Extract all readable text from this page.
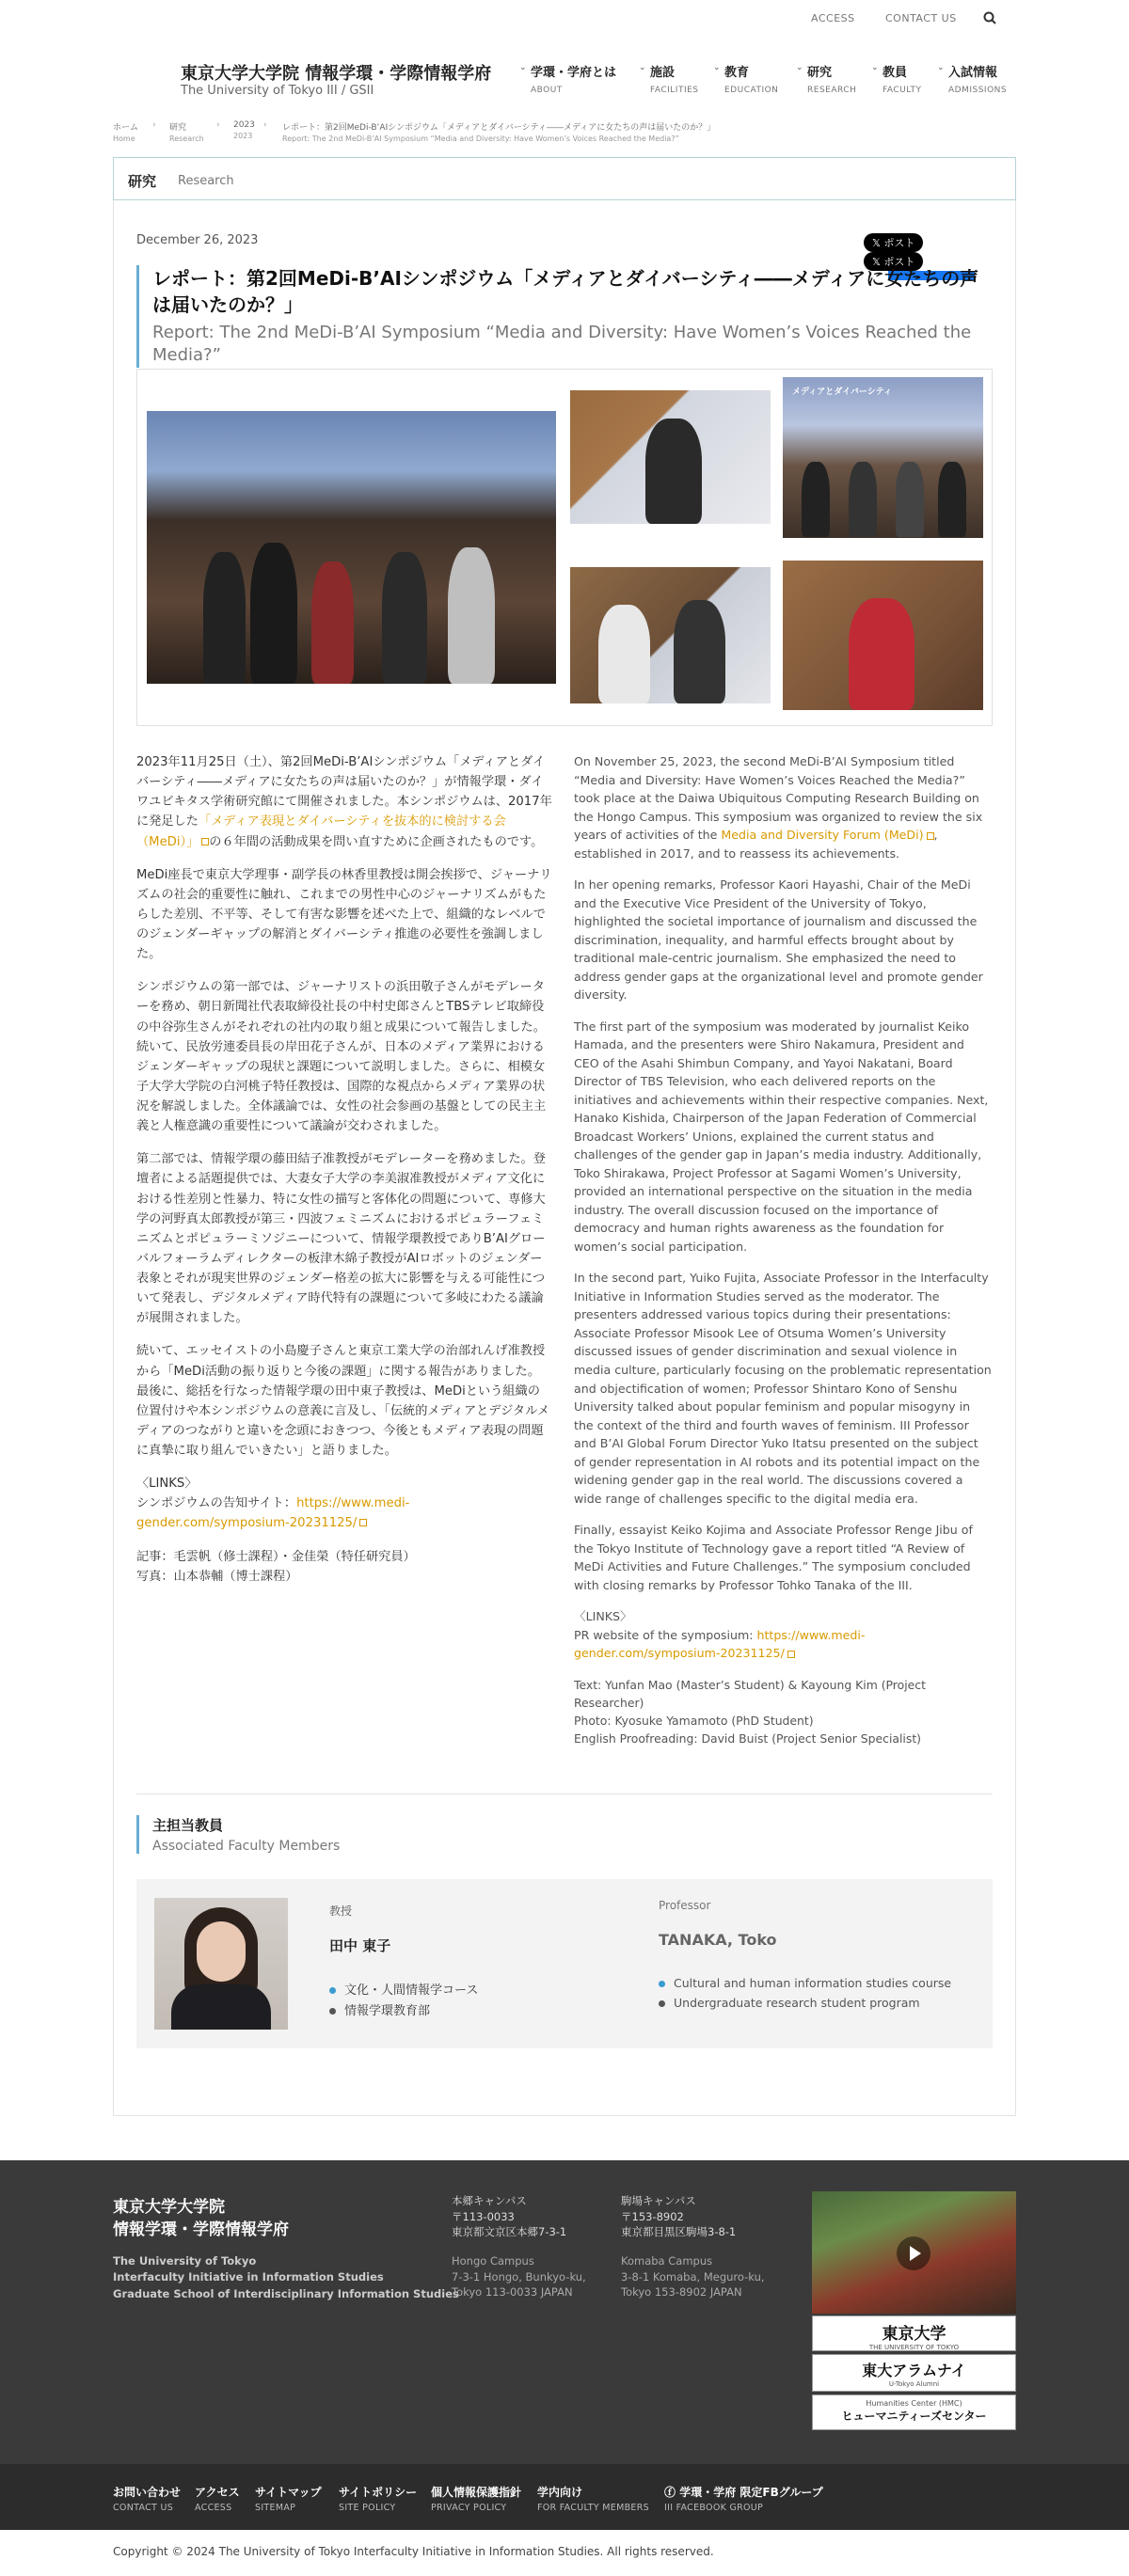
ACCESS	CONTACT US
東京大学大学院 情報学環・学際情報学府
The University of Tokyo III / GSII
⌄ 学環・学府とは
ABOUT
⌄ 施設
FACILITIES
⌄ 教育
EDUCATION
⌄ 研究
RESEARCH
⌄ 教員
FACULTY
⌄ 入試情報
ADMISSIONS
ホーム
Home
› 研究
Research
› 2023
2023
› レポート：第2回MeDi-B’AIシンポジウム「メディアとダイバーシティ――メディアに女たちの声は届いたのか？」
Report: The 2nd MeDi-B’AI Symposium “Media and Diversity: Have Women’s Voices Reached the Media?”
研究 Research
December 26, 2023	𝕏 ポスト
𝕏 ポスト
レポート：第2回MeDi-B’AIシンポジウム「メディアとダイバーシティ――メディアに女たちの声は届いたのか？」
Report: The 2nd MeDi-B’AI Symposium “Media and Diversity: Have Women’s Voices Reached the Media?”
メディアとダイバーシティ

2023年11月25日（土）、第2回MeDi-B’AIシンポジウム「メディアとダイバーシティ――メディアに女たちの声は届いたのか？」が情報学環・ダイワユビキタス学術研究館にて開催されました。本シンポジウムは、2017年に発足した「メディア表現とダイバーシティを抜本的に検討する会（MeDi）」 の６年間の活動成果を問い直すために企画されたものです。

MeDi座長で東京大学理事・副学長の林香里教授は開会挨拶で、ジャーナリズムの社会的重要性に触れ、これまでの男性中心のジャーナリズムがもたらした差別、不平等、そして有害な影響を述べた上で、組織的なレベルでのジェンダーギャップの解消とダイバーシティ推進の必要性を強調しました。

シンポジウムの第一部では、ジャーナリストの浜田敬子さんがモデレーターを務め、朝日新聞社代表取締役社長の中村史郎さんとTBSテレビ取締役の中谷弥生さんがそれぞれの社内の取り組と成果について報告しました。続いて、民放労連委員長の岸田花子さんが、日本のメディア業界におけるジェンダーギャップの現状と課題について説明しました。さらに、相模女子大学大学院の白河桃子特任教授は、国際的な視点からメディア業界の状況を解説しました。全体議論では、女性の社会参画の基盤としての民主主義と人権意識の重要性について議論が交わされました。

第二部では、情報学環の藤田結子准教授がモデレーターを務めました。登壇者による話題提供では、大妻女子大学の李美淑准教授がメディア文化における性差別と性暴力、特に女性の描写と客体化の問題について、専修大学の河野真太郎教授が第三・四波フェミニズムにおけるポピュラーフェミニズムとポピュラーミソジニーについて、情報学環教授でありB’AIグローバルフォーラムディレクターの板津木綿子教授がAIロボットのジェンダー表象とそれが現実世界のジェンダー格差の拡大に影響を与える可能性について発表し、デジタルメディア時代特有の課題について多岐にわたる議論が展開されました。

続いて、エッセイストの小島慶子さんと東京工業大学の治部れんげ准教授から「MeDi活動の振り返りと今後の課題」に関する報告がありました。最後に、総括を行なった情報学環の田中東子教授は、MeDiという組織の位置付けや本シンポジウムの意義に言及し、「伝統的メディアとデジタルメディアのつながりと違いを念頭におきつつ、今後ともメディア表現の問題に真摯に取り組んでいきたい」と語りました。

〈LINKS〉

シンポジウムの告知サイト：https://www.medi-gender.com/symposium-20231125/

記事：毛雲帆（修士課程）・金佳榮（特任研究員）
写真：山本恭輔（博士課程）

On November 25, 2023, the second MeDi-B’AI Symposium titled “Media and Diversity: Have Women’s Voices Reached the Media?” took place at the Daiwa Ubiquitous Computing Research Building on the Hongo Campus. This symposium was organized to review the six years of activities of the Media and Diversity Forum (MeDi) , established in 2017, and to reassess its achievements.

In her opening remarks, Professor Kaori Hayashi, Chair of the MeDi and the Executive Vice President of the University of Tokyo, highlighted the societal importance of journalism and discussed the discrimination, inequality, and harmful effects brought about by traditional male-centric journalism. She emphasized the need to address gender gaps at the organizational level and promote gender diversity.

The first part of the symposium was moderated by journalist Keiko Hamada, and the presenters were Shiro Nakamura, President and CEO of the Asahi Shimbun Company, and Yayoi Nakatani, Board Director of TBS Television, who each delivered reports on the initiatives and achievements within their respective companies. Next, Hanako Kishida, Chairperson of the Japan Federation of Commercial Broadcast Workers’ Unions, explained the current status and challenges of the gender gap in Japan’s media industry. Additionally, Toko Shirakawa, Project Professor at Sagami Women’s University, provided an international perspective on the situation in the media industry. The overall discussion focused on the importance of democracy and human rights awareness as the foundation for women’s social participation.

In the second part, Yuiko Fujita, Associate Professor in the Interfaculty Initiative in Information Studies served as the moderator. The presenters addressed various topics during their presentations: Associate Professor Misook Lee of Otsuma Women’s University discussed issues of gender discrimination and sexual violence in media culture, particularly focusing on the problematic representation and objectification of women; Professor Shintaro Kono of Senshu University talked about popular feminism and popular misogyny in the context of the third and fourth waves of feminism. III Professor and B’AI Global Forum Director Yuko Itatsu presented on the subject of gender representation in AI robots and its potential impact on the widening gender gap in the real world. The discussions covered a wide range of challenges specific to the digital media era.

Finally, essayist Keiko Kojima and Associate Professor Renge Jibu of the Tokyo Institute of Technology gave a report titled “A Review of MeDi Activities and Future Challenges.” The symposium concluded with closing remarks by Professor Tohko Tanaka of the III.

〈LINKS〉

PR website of the symposium: https://www.medi-gender.com/symposium-20231125/

Text: Yunfan Mao (Master’s Student) & Kayoung Kim (Project Researcher)
Photo: Kyosuke Yamamoto (PhD Student)
English Proofreading: David Buist (Project Senior Specialist)
主担当教員
Associated Faculty Members
教授
田中 東子
文化・人間情報学コース
情報学環教育部
Professor
TANAKA, Toko
Cultural and human information studies course
Undergraduate research student program
東京大学大学院
情報学環・学際情報学府
The University of Tokyo
Interfaculty Initiative in Information Studies
Graduate School of Interdisciplinary Information Studies
本郷キャンパス
〒113-0033
東京都文京区本郷7-3-1
Hongo Campus
7-3-1 Hongo, Bunkyo-ku,
Tokyo 113-0033 JAPAN
駒場キャンパス
〒153-8902
東京都目黒区駒場3-8-1
Komaba Campus
3-8-1 Komaba, Meguro-ku,
Tokyo 153-8902 JAPAN
東京大学
THE UNIVERSITY OF TOKYO
東大アラムナイ
U-Tokyo Alumni
Humanities Center (HMC)
ヒューマニティーズセンター
お問い合わせ
CONTACT US
アクセス
ACCESS
サイトマップ
SITEMAP
サイトポリシー
SITE POLICY
個人情報保護指針
PRIVACY POLICY
学内向け
FOR FACULTY MEMBERS
ⓕ 学環・学府 限定FBグループ
III FACEBOOK GROUP
Copyright © 2024 The University of Tokyo Interfaculty Initiative in Information Studies. All rights reserved.
